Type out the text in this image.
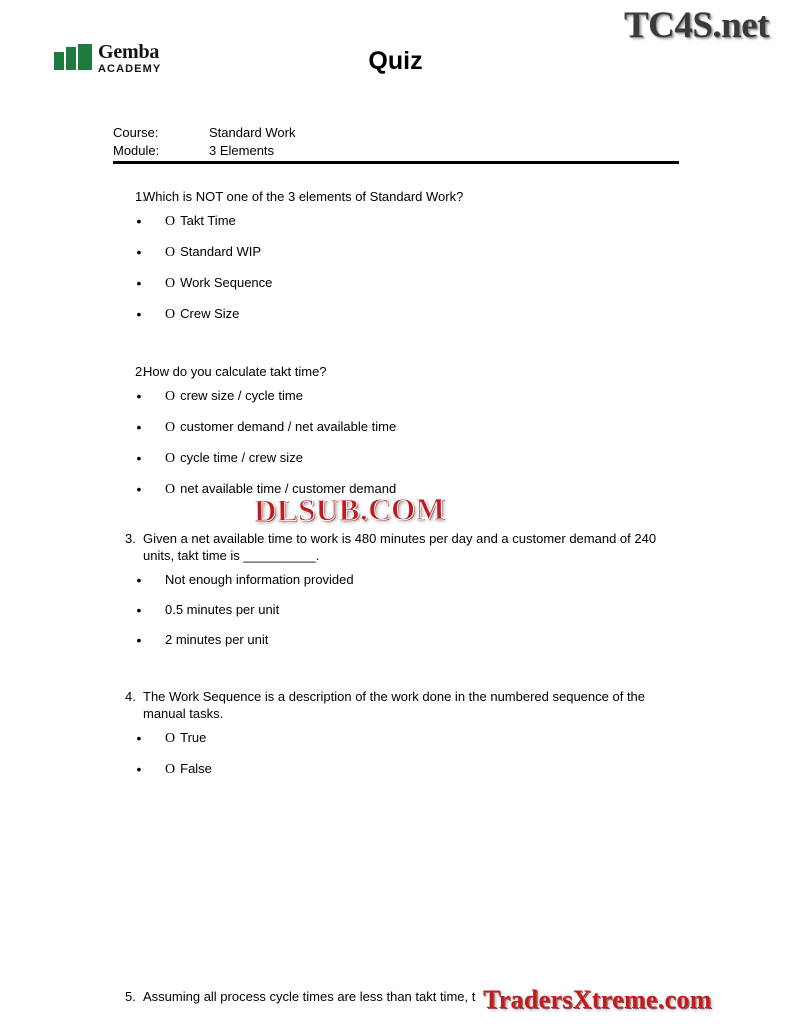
TC4S.net
Gemba
ACADEMY	Quiz
Course:	Standard Work
Module:	3 Elements
1.
Which is NOT one of the 3 elements of Standard Work?
•	O Takt Time
•	O Standard WIP
•	O Work Sequence
•	O Crew Size
2.
How do you calculate takt time?
•	O crew size / cycle time
•	O customer demand / net available time
•	O cycle time / crew size
•	O net available time / customer demand
3. Given a net available time to work is 480 minutes per day and a customer demand of 240 units, takt time is __________.
•	Not enough information provided
•	0.5 minutes per unit
•	2 minutes per unit
4. The Work Sequence is a description of the work done in the numbered sequence of the manual tasks.
•	O True
•	O False
5. Assuming all process cycle times are less than takt time, t
DLSUB.COM
TradersXtreme.com
